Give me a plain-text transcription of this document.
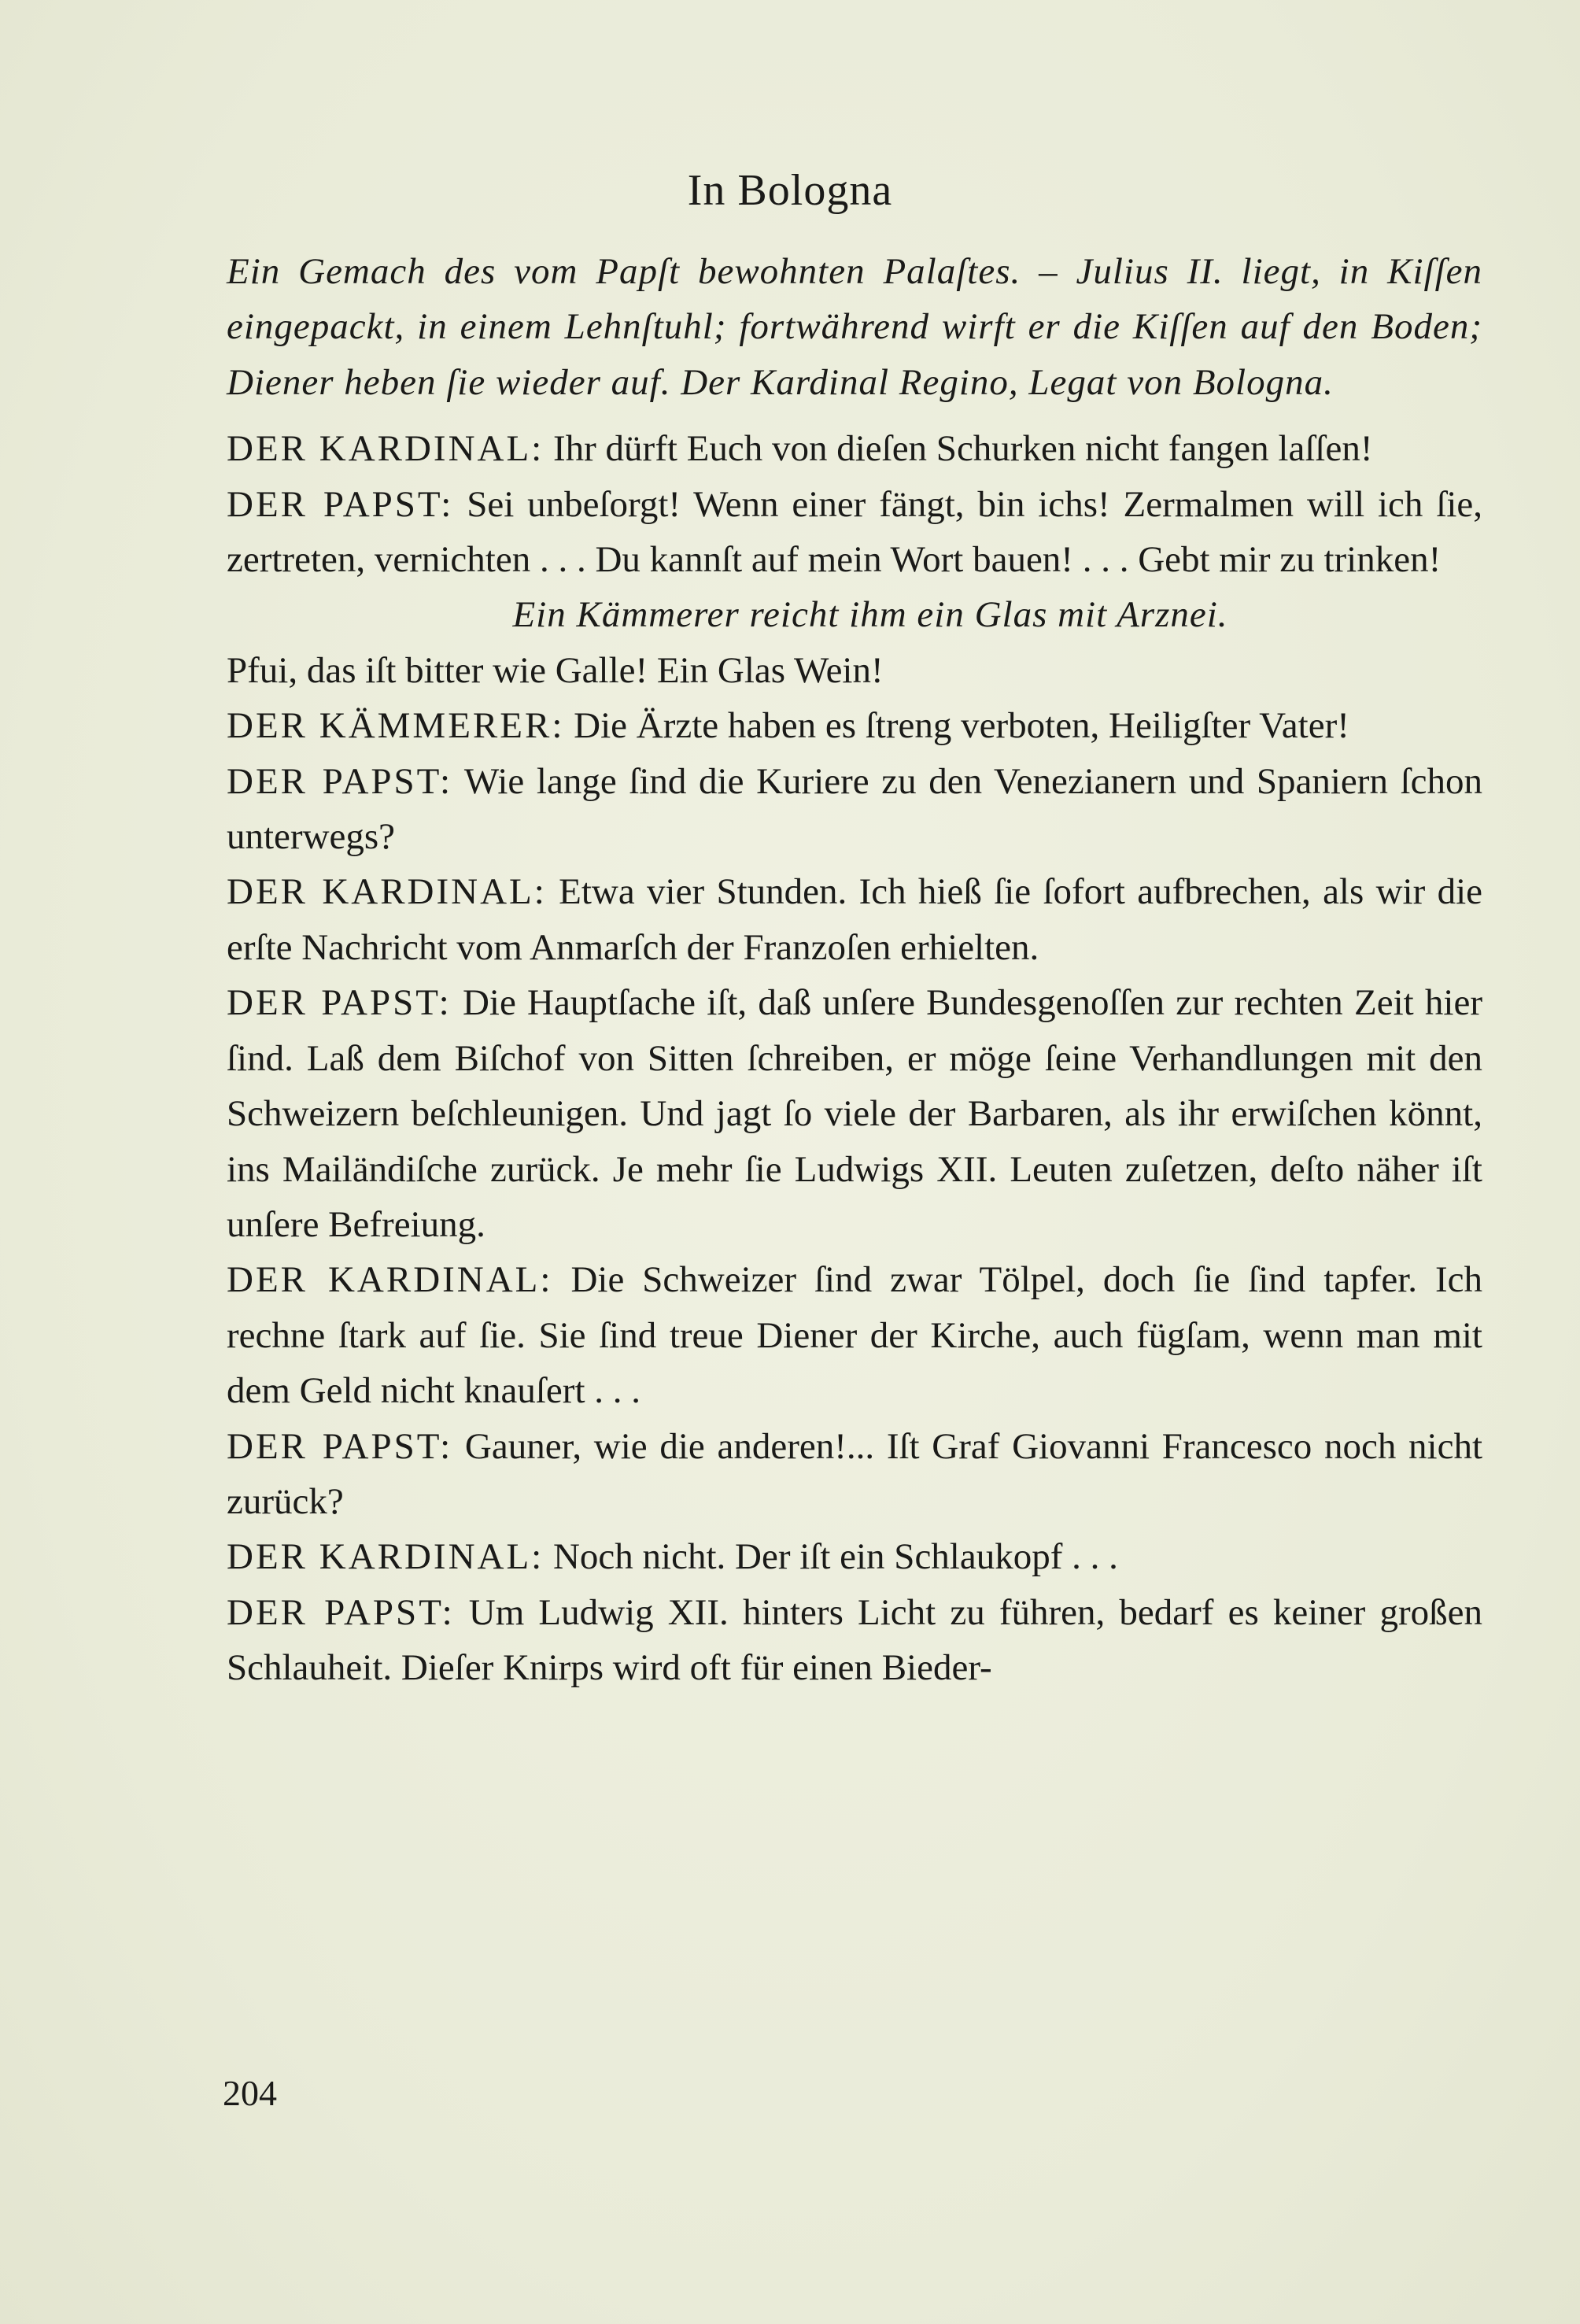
In Bologna

Ein Gemach des vom Papſt bewohnten Palaſtes. – Julius II. liegt, in Kiſſen eingepackt, in einem Lehnſtuhl; fortwährend wirft er die Kiſſen auf den Boden; Diener heben ſie wieder auf. Der Kardinal Regino, Legat von Bologna.

DER KARDINAL: Ihr dürft Euch von dieſen Schurken nicht fangen laſſen!

DER PAPST: Sei unbeſorgt! Wenn einer fängt, bin ichs! Zermalmen will ich ſie, zertreten, vernichten . . . Du kannſt auf mein Wort bauen! . . . Gebt mir zu trinken!

Ein Kämmerer reicht ihm ein Glas mit Arznei.

Pfui, das iſt bitter wie Galle! Ein Glas Wein!

DER KÄMMERER: Die Ärzte haben es ſtreng verboten, Heiligſter Vater!

DER PAPST: Wie lange ſind die Kuriere zu den Venezianern und Spaniern ſchon unterwegs?

DER KARDINAL: Etwa vier Stunden. Ich hieß ſie ſofort aufbrechen, als wir die erſte Nachricht vom Anmarſch der Franzoſen erhielten.

DER PAPST: Die Hauptſache iſt, daß unſere Bundesgenoſſen zur rechten Zeit hier ſind. Laß dem Biſchof von Sitten ſchreiben, er möge ſeine Verhandlungen mit den Schweizern beſchleunigen. Und jagt ſo viele der Barbaren, als ihr erwiſchen könnt, ins Mailändiſche zurück. Je mehr ſie Ludwigs XII. Leuten zuſetzen, deſto näher iſt unſere Befreiung.

DER KARDINAL: Die Schweizer ſind zwar Tölpel, doch ſie ſind tapfer. Ich rechne ſtark auf ſie. Sie ſind treue Diener der Kirche, auch fügſam, wenn man mit dem Geld nicht knauſert . . .

DER PAPST: Gauner, wie die anderen!... Iſt Graf Giovanni Francesco noch nicht zurück?

DER KARDINAL: Noch nicht. Der iſt ein Schlaukopf . . .

DER PAPST: Um Ludwig XII. hinters Licht zu führen, bedarf es keiner großen Schlauheit. Dieſer Knirps wird oft für einen Bieder-

204
